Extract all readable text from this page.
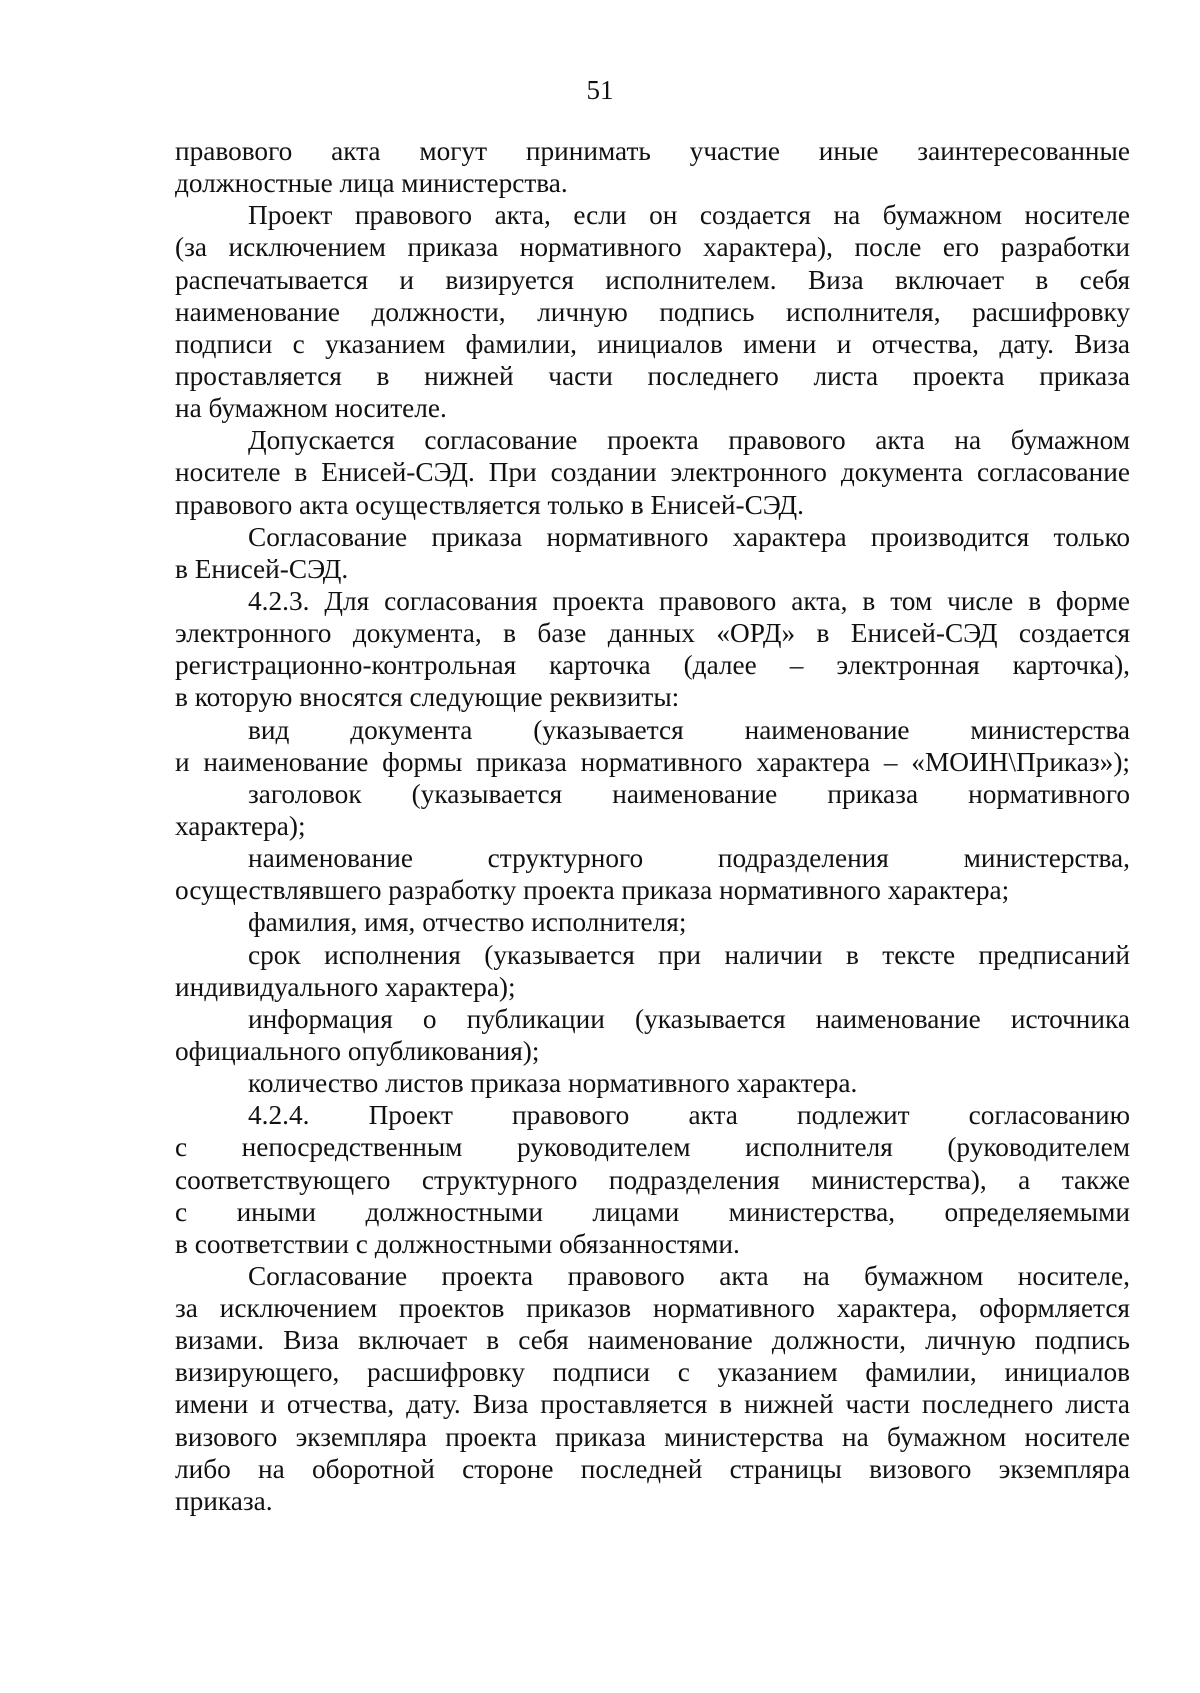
51
правового акта могут принимать участие иные заинтересованные
должностные лица министерства.
Проект правового акта, если он создается на бумажном носителе
(за исключением приказа нормативного характера), после его разработки
распечатывается и визируется исполнителем. Виза включает в себя
наименование должности, личную подпись исполнителя, расшифровку
подписи с указанием фамилии, инициалов имени и отчества, дату. Виза
проставляется в нижней части последнего листа проекта приказа
на бумажном носителе.
Допускается согласование проекта правового акта на бумажном
носителе в Енисей-СЭД. При создании электронного документа согласование
правового акта осуществляется только в Енисей-СЭД.
Согласование приказа нормативного характера производится только
в Енисей-СЭД.
4.2.3. Для согласования проекта правового акта, в том числе в форме
электронного документа, в базе данных «ОРД» в Енисей-СЭД создается
регистрационно-контрольная карточка (далее – электронная карточка),
в которую вносятся следующие реквизиты:
вид документа (указывается наименование министерства
и наименование формы приказа нормативного характера – «МОИН\Приказ»);
заголовок (указывается наименование приказа нормативного
характера);
наименование структурного подразделения министерства,
осуществлявшего разработку проекта приказа нормативного характера;
фамилия, имя, отчество исполнителя;
срок исполнения (указывается при наличии в тексте предписаний
индивидуального характера);
информация о публикации (указывается наименование источника
официального опубликования);
количество листов приказа нормативного характера.
4.2.4. Проект правового акта подлежит согласованию
с непосредственным руководителем исполнителя (руководителем
соответствующего структурного подразделения министерства), а также
с иными должностными лицами министерства, определяемыми
в соответствии с должностными обязанностями.
Согласование проекта правового акта на бумажном носителе,
за исключением проектов приказов нормативного характера, оформляется
визами. Виза включает в себя наименование должности, личную подпись
визирующего, расшифровку подписи с указанием фамилии, инициалов
имени и отчества, дату. Виза проставляется в нижней части последнего листа
визового экземпляра проекта приказа министерства на бумажном носителе
либо на оборотной стороне последней страницы визового экземпляра
приказа.
